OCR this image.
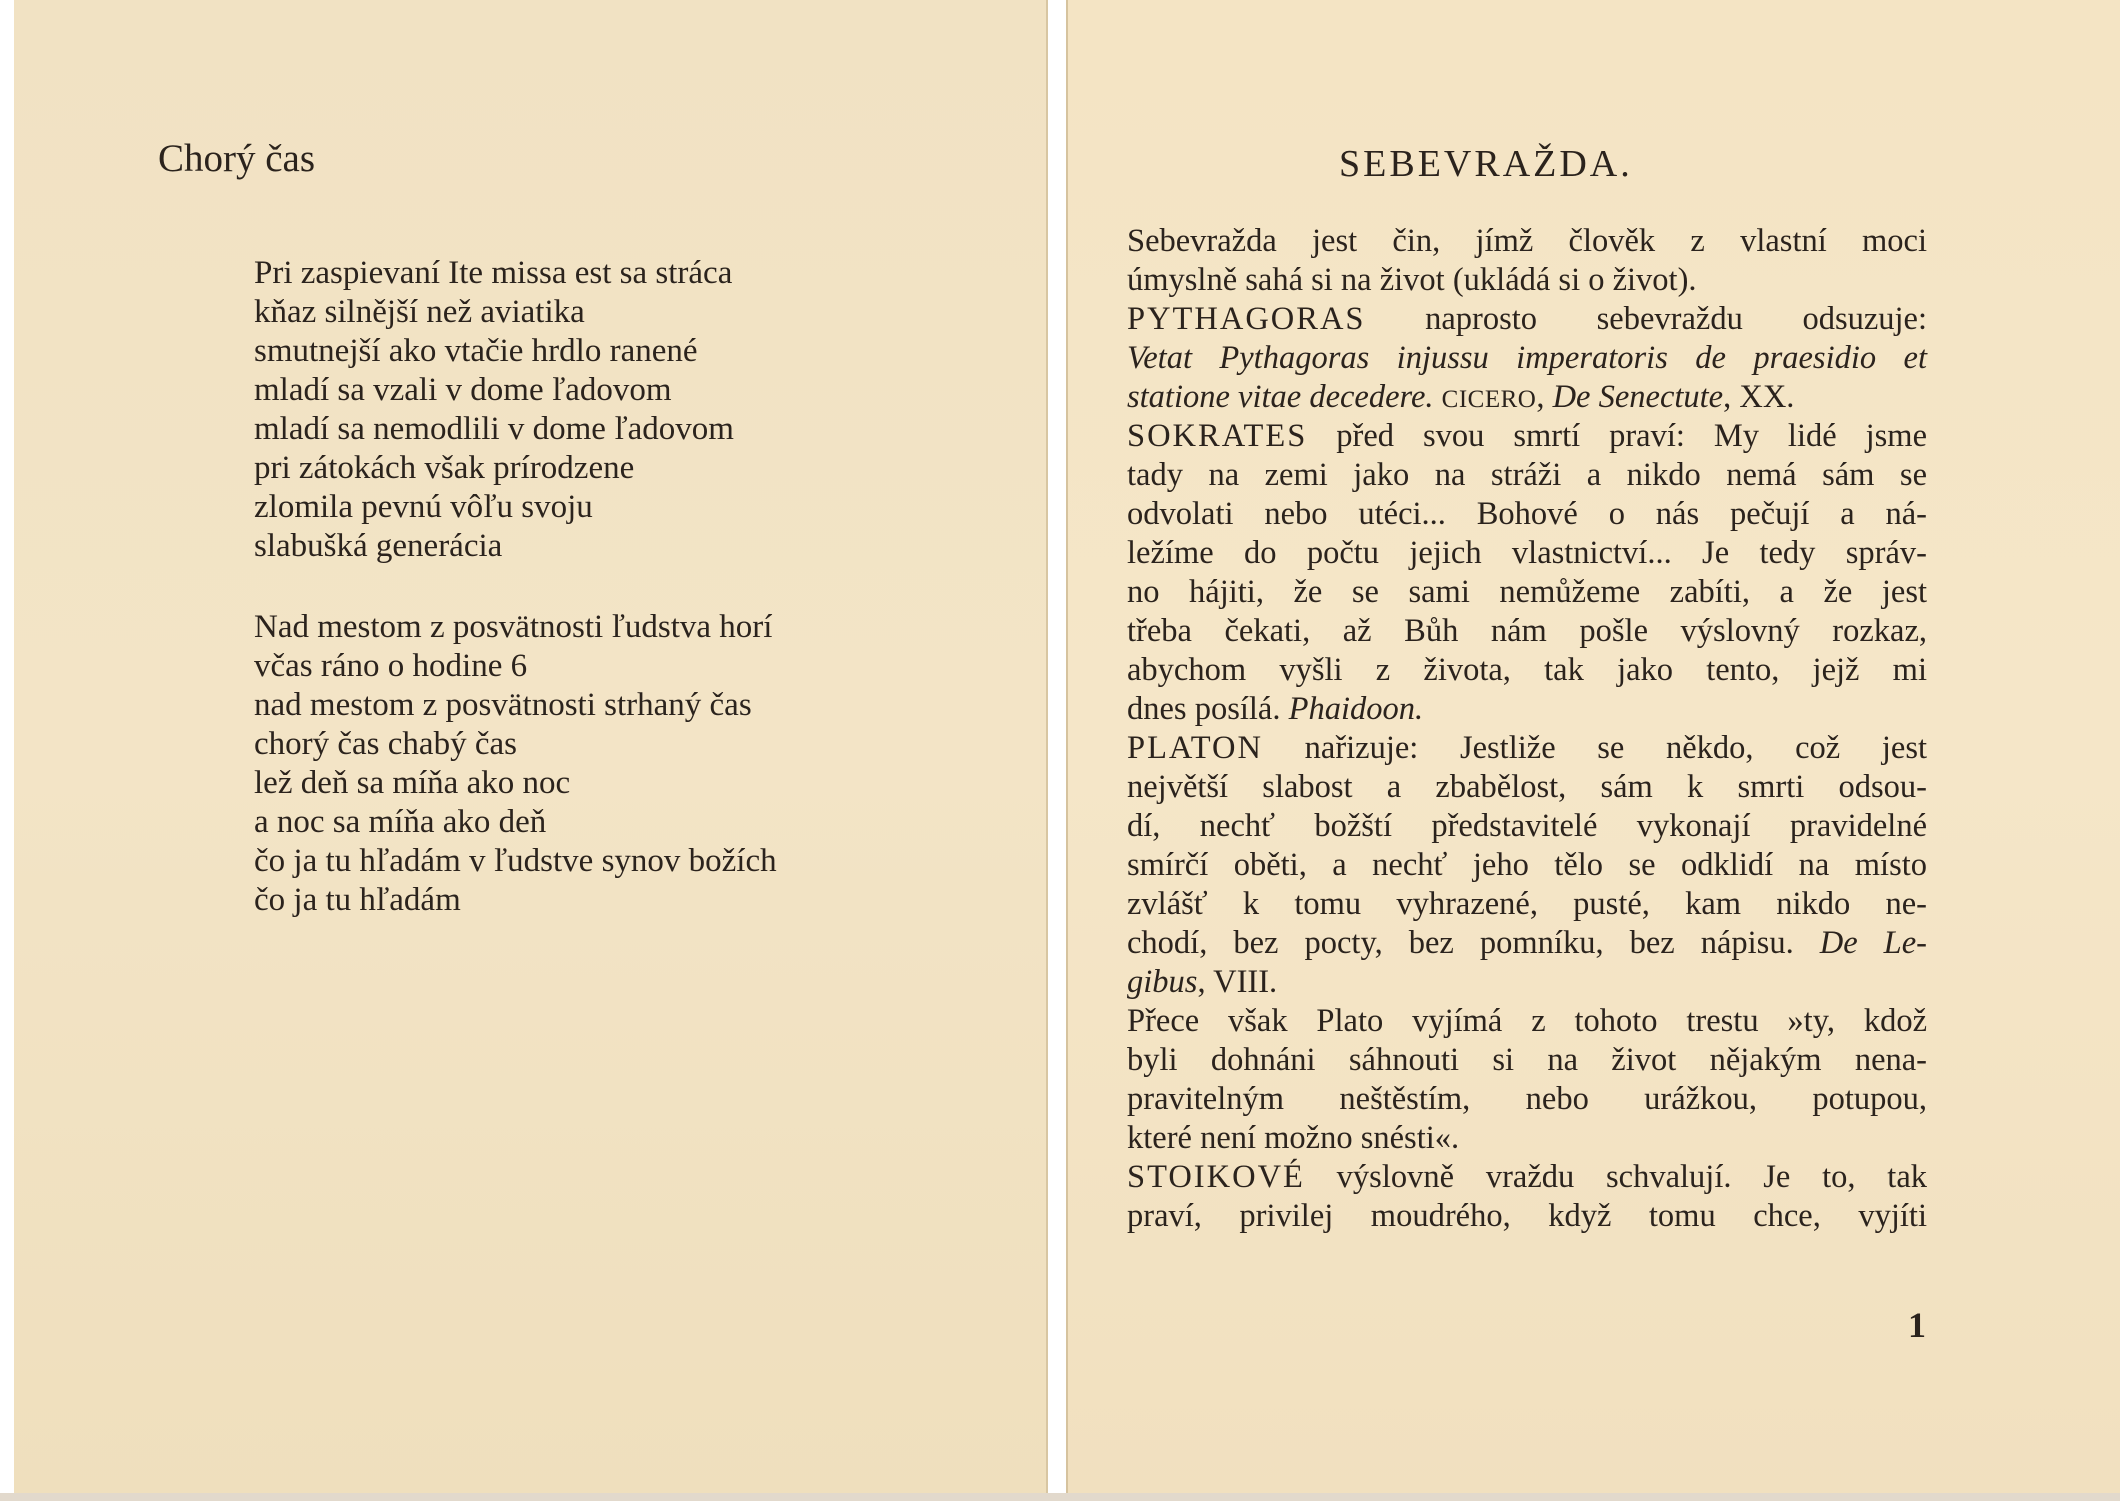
Chorý čas
Pri zaspievaní Ite missa est sa strácа
kňaz silnější než aviatika
smutnejší ako vtačie hrdlo ranené
mladí sa vzali v dome ľadovom
mladí sa nemodlili v dome ľadovom
pri zátokách však prírodzene
zlomila pevnú vôľu svoju
slabušká generácia
Nad mestom z posvätnosti ľudstva horí
včas ráno o hodine 6
nad mestom z posvätnosti strhaný čas
chorý čas chabý čas
lež deň sa míňa ako noc
a noc sa míňa ako deň
čo ja tu hľadám v ľudstve synov božích
čo ja tu hľadám
SEBEVRAŽDA.
Sebevražda jest čin, jímž člověk z vlastní moci
úmyslně sahá si na život (ukládá si o život).
PYTHAGORAS naprosto sebevraždu odsuzuje:
Vetat Pythagoras injussu imperatoris de praesidio et
statione vitae decedere. CICERO, De Senectute, XX.
SOKRATES před svou smrtí praví: My lidé jsme
tady na zemi jako na stráži a nikdo nemá sám se
odvolati nebo utéci... Bohové o nás pečují a ná-
ležíme do počtu jejich vlastnictví... Je tedy správ-
no hájiti, že se sami nemůžeme zabíti, a že jest
třeba čekati, až Bůh nám pošle výslovný rozkaz,
abychom vyšli z života, tak jako tento, jejž mi
dnes posílá. Phaidoon.
PLATON nařizuje: Jestliže se někdo, což jest
největší slabost a zbabělost, sám k smrti odsou-
dí, nechť božští představitelé vykonají pravidelné
smírčí oběti, a nechť jeho tělo se odklidí na místo
zvlášť k tomu vyhrazené, pusté, kam nikdo ne-
chodí, bez pocty, bez pomníku, bez nápisu. De Le-
gibus, VIII.
Přece však Plato vyjímá z tohoto trestu »ty, kdož
byli dohnáni sáhnouti si na život nějakým nena-
pravitelným neštěstím, nebo urážkou, potupou,
které není možno snésti«.
STOIKOVÉ výslovně vraždu schvalují. Je to, tak
praví, privilej moudrého, když tomu chce, vyjíti
1
